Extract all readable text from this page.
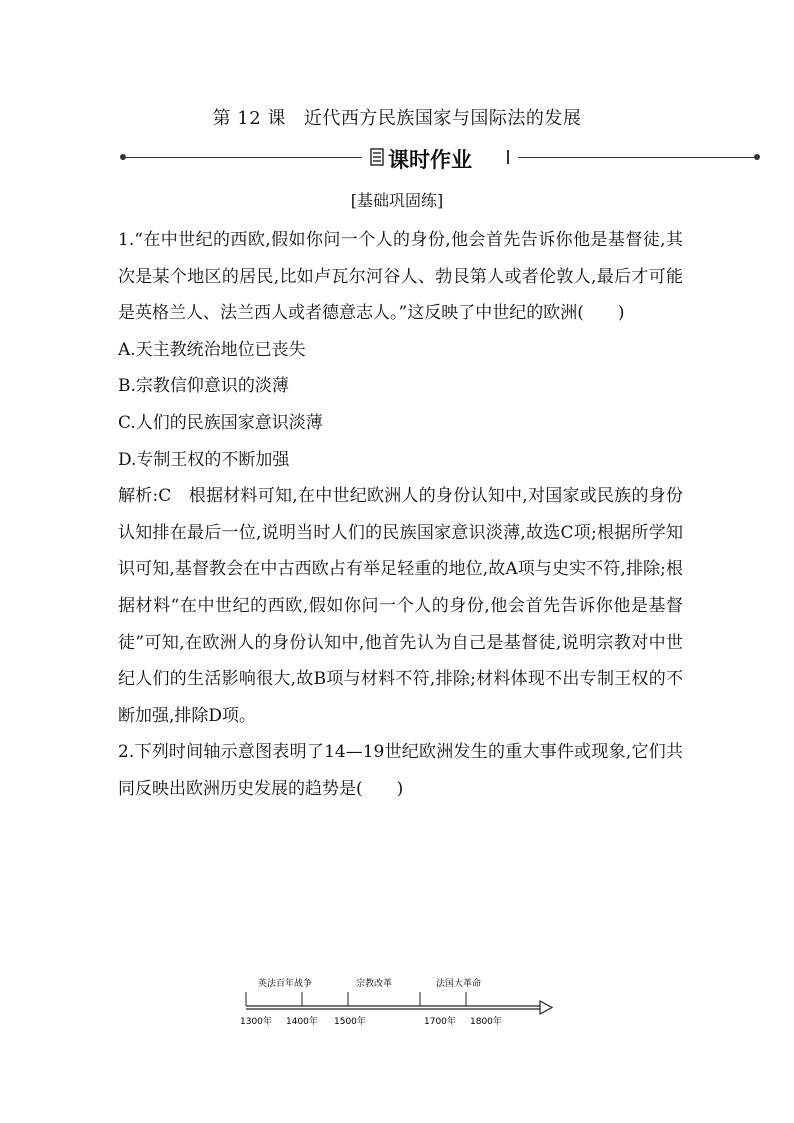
第 12 课 近代西方民族国家与国际法的发展
课时作业
[基础巩固练]

1.“在中世纪的西欧,假如你问一个人的身份,他会首先告诉你他是基督徒,其次是某个地区的居民,比如卢瓦尔河谷人、勃艮第人或者伦敦人,最后才可能是英格兰人、法兰西人或者德意志人。”这反映了中世纪的欧洲(　　)

A.天主教统治地位已丧失

B.宗教信仰意识的淡薄

C.人们的民族国家意识淡薄

D.专制王权的不断加强

解析:C　根据材料可知,在中世纪欧洲人的身份认知中,对国家或民族的身份认知排在最后一位,说明当时人们的民族国家意识淡薄,故选C项;根据所学知识可知,基督教会在中古西欧占有举足轻重的地位,故A项与史实不符,排除;根据材料“在中世纪的西欧,假如你问一个人的身份,他会首先告诉你他是基督徒”可知,在欧洲人的身份认知中,他首先认为自己是基督徒,说明宗教对中世纪人们的生活影响很大,故B项与材料不符,排除;材料体现不出专制王权的不断加强,排除D项。

2.下列时间轴示意图表明了14—19世纪欧洲发生的重大事件或现象,它们共同反映出欧洲历史发展的趋势是(　　)

英法百年战争	宗教改革	法国大革命
1300年 1400年 1500年	1700年 1800年
